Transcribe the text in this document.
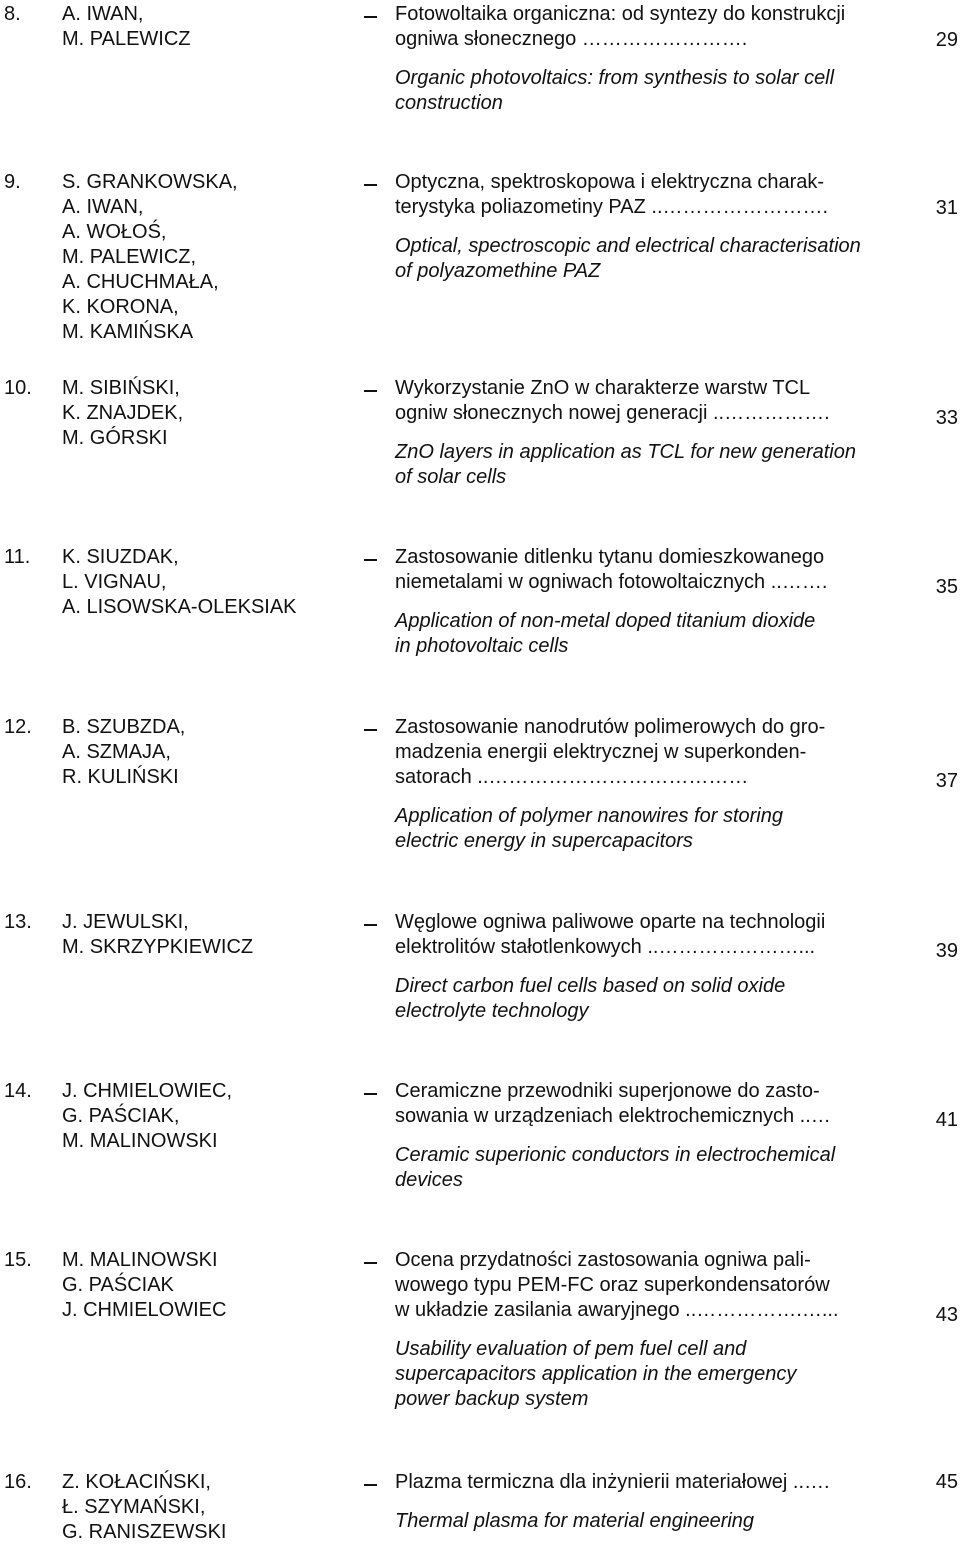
8. A. IWAN,
M. PALEWICZ
Fotowoltaika organiczna: od syntezy do konstrukcji
ogniwa słonecznego …………………….
Organic photovoltaics: from synthesis to solar cell
construction
29
9. S. GRANKOWSKA,
A. IWAN,
A. WOŁOŚ,
M. PALEWICZ,
A. CHUCHMAŁA,
K. KORONA,
M. KAMIŃSKA
Optyczna, spektroskopowa i elektryczna charak-
terystyka poliazometiny PAZ ..…………………….
Optical, spectroscopic and electrical characterisation
of polyazomethine PAZ
31
10. M. SIBIŃSKI,
K. ZNAJDEK,
M. GÓRSKI
Wykorzystanie ZnO w charakterze warstw TCL
ogniw słonecznych nowej generacji ..…………….
ZnO layers in application as TCL for new generation
of solar cells
33
11. K. SIUZDAK,
L. VIGNAU,
A. LISOWSKA-OLEKSIAK
Zastosowanie ditlenku tytanu domieszkowanego
niemetalami w ogniwach fotowoltaicznych ..…….
Application of non-metal doped titanium dioxide
in photovoltaic cells
35
12. B. SZUBZDA,
A. SZMAJA,
R. KULIŃSKI
Zastosowanie nanodrutów polimerowych do gro-
madzenia energii elektrycznej w superkonden-
satorach ..…………………………………
Application of polymer nanowires for storing
electric energy in supercapacitors
37
13. J. JEWULSKI,
M. SKRZYPKIEWICZ
Węglowe ogniwa paliwowe oparte na technologii
elektrolitów stałotlenkowych ..…………………...
Direct carbon fuel cells based on solid oxide
electrolyte technology
39
14. J. CHMIELOWIEC,
G. PAŚCIAK,
M. MALINOWSKI
Ceramiczne przewodniki superjonowe do zasto-
sowania w urządzeniach elektrochemicznych ..…
Ceramic superionic conductors in electrochemical
devices
41
15. M. MALINOWSKI
G. PAŚCIAK
J. CHMIELOWIEC
Ocena przydatności zastosowania ogniwa pali-
wowego typu PEM-FC oraz superkondensatorów
w układzie zasilania awaryjnego ..…………….…...
Usability evaluation of pem fuel cell and
supercapacitors application in the emergency
power backup system
43
16. Z. KOŁACIŃSKI,
Ł. SZYMAŃSKI,
G. RANISZEWSKI
Plazma termiczna dla inżynierii materiałowej ..….
Thermal plasma for material engineering
45
